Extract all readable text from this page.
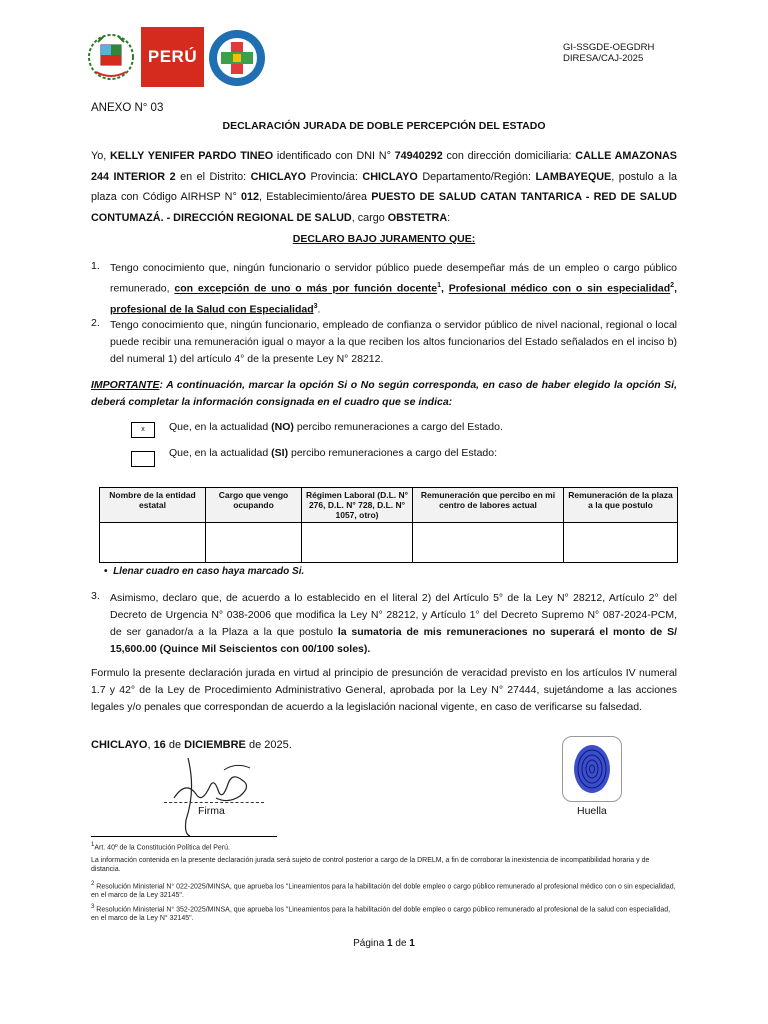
PERÚ	GI-SSGDE-OEGDRH
DIRESA/CAJ-2025
ANEXO N° 03
DECLARACIÓN JURADA DE DOBLE PERCEPCIÓN DEL ESTADO
Yo, KELLY YENIFER PARDO TINEO identificado con DNI N° 74940292 con dirección domiciliaria: CALLE AMAZONAS 244 INTERIOR 2 en el Distrito: CHICLAYO Provincia: CHICLAYO Departamento/Región: LAMBAYEQUE, postulo a la plaza con Código AIRHSP N° 012, Establecimiento/área PUESTO DE SALUD CATAN TANTARICA - RED DE SALUD CONTUMAZÁ. - DIRECCIÓN REGIONAL DE SALUD, cargo OBSTETRA:
DECLARO BAJO JURAMENTO QUE:
1. Tengo conocimiento que, ningún funcionario o servidor público puede desempeñar más de un empleo o cargo público remunerado, con excepción de uno o más por función docente$^1$, Profesional médico con o sin especialidad$^2$, profesional de la Salud con Especialidad$^3$.
2. Tengo conocimiento que, ningún funcionario, empleado de confianza o servidor público de nivel nacional, regional o local puede recibir una remuneración igual o mayor a la que reciben los altos funcionarios del Estado señalados en el inciso b) del numeral 1) del artículo 4° de la presente Ley N° 28212.
IMPORTANTE: A continuación, marcar la opción Si o No según corresponda, en caso de haber elegido la opción Si, deberá completar la información consignada en el cuadro que se indica:
x	Que, en la actualidad (NO) percibo remuneraciones a cargo del Estado.
Que, en la actualidad (SI) percibo remuneraciones a cargo del Estado:
Nombre de la entidad estatal	Cargo que vengo ocupando	Régimen Laboral (D.L. N° 276, D.L. N° 728, D.L. N° 1057, otro)	Remuneración que percibo en mi centro de labores actual	Remuneración de la plaza a la que postulo

• Llenar cuadro en caso haya marcado Si.
3. Asimismo, declaro que, de acuerdo a lo establecido en el literal 2) del Artículo 5° de la Ley N° 28212, Artículo 2° del Decreto de Urgencia N° 038-2006 que modifica la Ley N° 28212, y Artículo 1° del Decreto Supremo N° 087-2024-PCM, de ser ganador/a a la Plaza a la que postulo la sumatoria de mis remuneraciones no superará el monto de S/ 15,600.00 (Quince Mil Seiscientos con 00/100 soles).
Formulo la presente declaración jurada en virtud al principio de presunción de veracidad previsto en los artículos IV numeral 1.7 y 42° de la Ley de Procedimiento Administrativo General, aprobada por la Ley N° 27444, sujetándome a las acciones legales y/o penales que correspondan de acuerdo a la legislación nacional vigente, en caso de verificarse su falsedad.
CHICLAYO, 16 de DICIEMBRE de 2025.
Firma	Huella
$^1$Art. 40º de la Constitución Política del Perú.
La información contenida en la presente declaración jurada será sujeto de control posterior a cargo de la DRELM, a fin de corroborar la inexistencia de incompatibilidad horaria y de distancia.
$^2$ Resolución Ministerial N° 022-2025/MINSA, que aprueba los "Lineamientos para la habilitación del doble empleo o cargo público remunerado al profesional médico con o sin especialidad, en el marco de la Ley 32145".
$^3$ Resolución Ministerial N° 352-2025/MINSA, que aprueba los "Lineamientos para la habilitación del doble empleo o cargo público remunerado al profesional de la salud con especialidad, en el marco de la Ley N° 32145".
Página 1 de 1
